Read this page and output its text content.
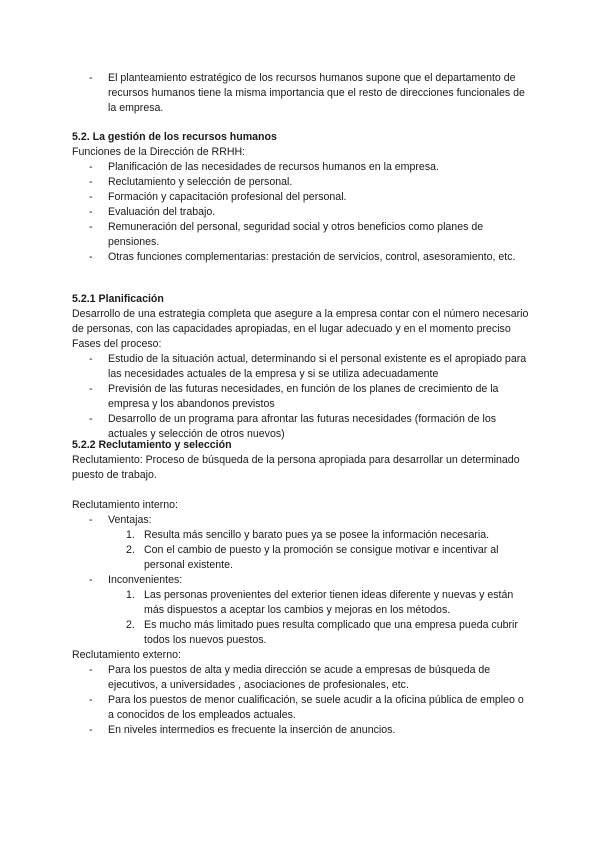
- El planteamiento estratégico de los recursos humanos supone que el departamento de recursos humanos tiene la misma importancia que el resto de direcciones funcionales de la empresa.

5.2. La gestión de los recursos humanos

Funciones de la Dirección de RRHH:

- Planificación de las necesidades de recursos humanos en la empresa.
- Reclutamiento y selección de personal.
- Formación y capacitación profesional del personal.
- Evaluación del trabajo.
- Remuneración del personal, seguridad social y otros beneficios como planes de pensiones.
- Otras funciones complementarias: prestación de servicios, control, asesoramiento, etc.

5.2.1 Planificación

Desarrollo de una estrategia completa que asegure a la empresa contar con el número necesario de personas, con las capacidades apropiadas, en el lugar adecuado y en el momento preciso

Fases del proceso:

- Estudio de la situación actual, determinando si el personal existente es el apropiado para las necesidades actuales de la empresa y si se utiliza adecuadamente
- Previsión de las futuras necesidades, en función de los planes de crecimiento de la empresa y los abandonos previstos
- Desarrollo de un programa para afrontar las futuras necesidades (formación de los actuales y selección de otros nuevos)

5.2.2 Reclutamiento y selección

Reclutamiento: Proceso de búsqueda de la persona apropiada para desarrollar un determinado puesto de trabajo.

Reclutamiento interno:

- Ventajas:
1. Resulta más sencillo y barato pues ya se posee la información necesaria.
2. Con el cambio de puesto y la promoción se consigue motivar e incentivar al personal existente.
- Inconvenientes:
1. Las personas provenientes del exterior tienen ideas diferente y nuevas y están más dispuestos a aceptar los cambios y mejoras en los métodos.
2. Es mucho más limitado pues resulta complicado que una empresa pueda cubrir todos los nuevos puestos.

Reclutamiento externo:

- Para los puestos de alta y media dirección se acude a empresas de búsqueda de ejecutivos, a universidades , asociaciones de profesionales, etc.
- Para los puestos de menor cualificación, se suele acudir a la oficina pública de empleo o a conocidos de los empleados actuales.
- En niveles intermedios es frecuente la inserción de anuncios.
